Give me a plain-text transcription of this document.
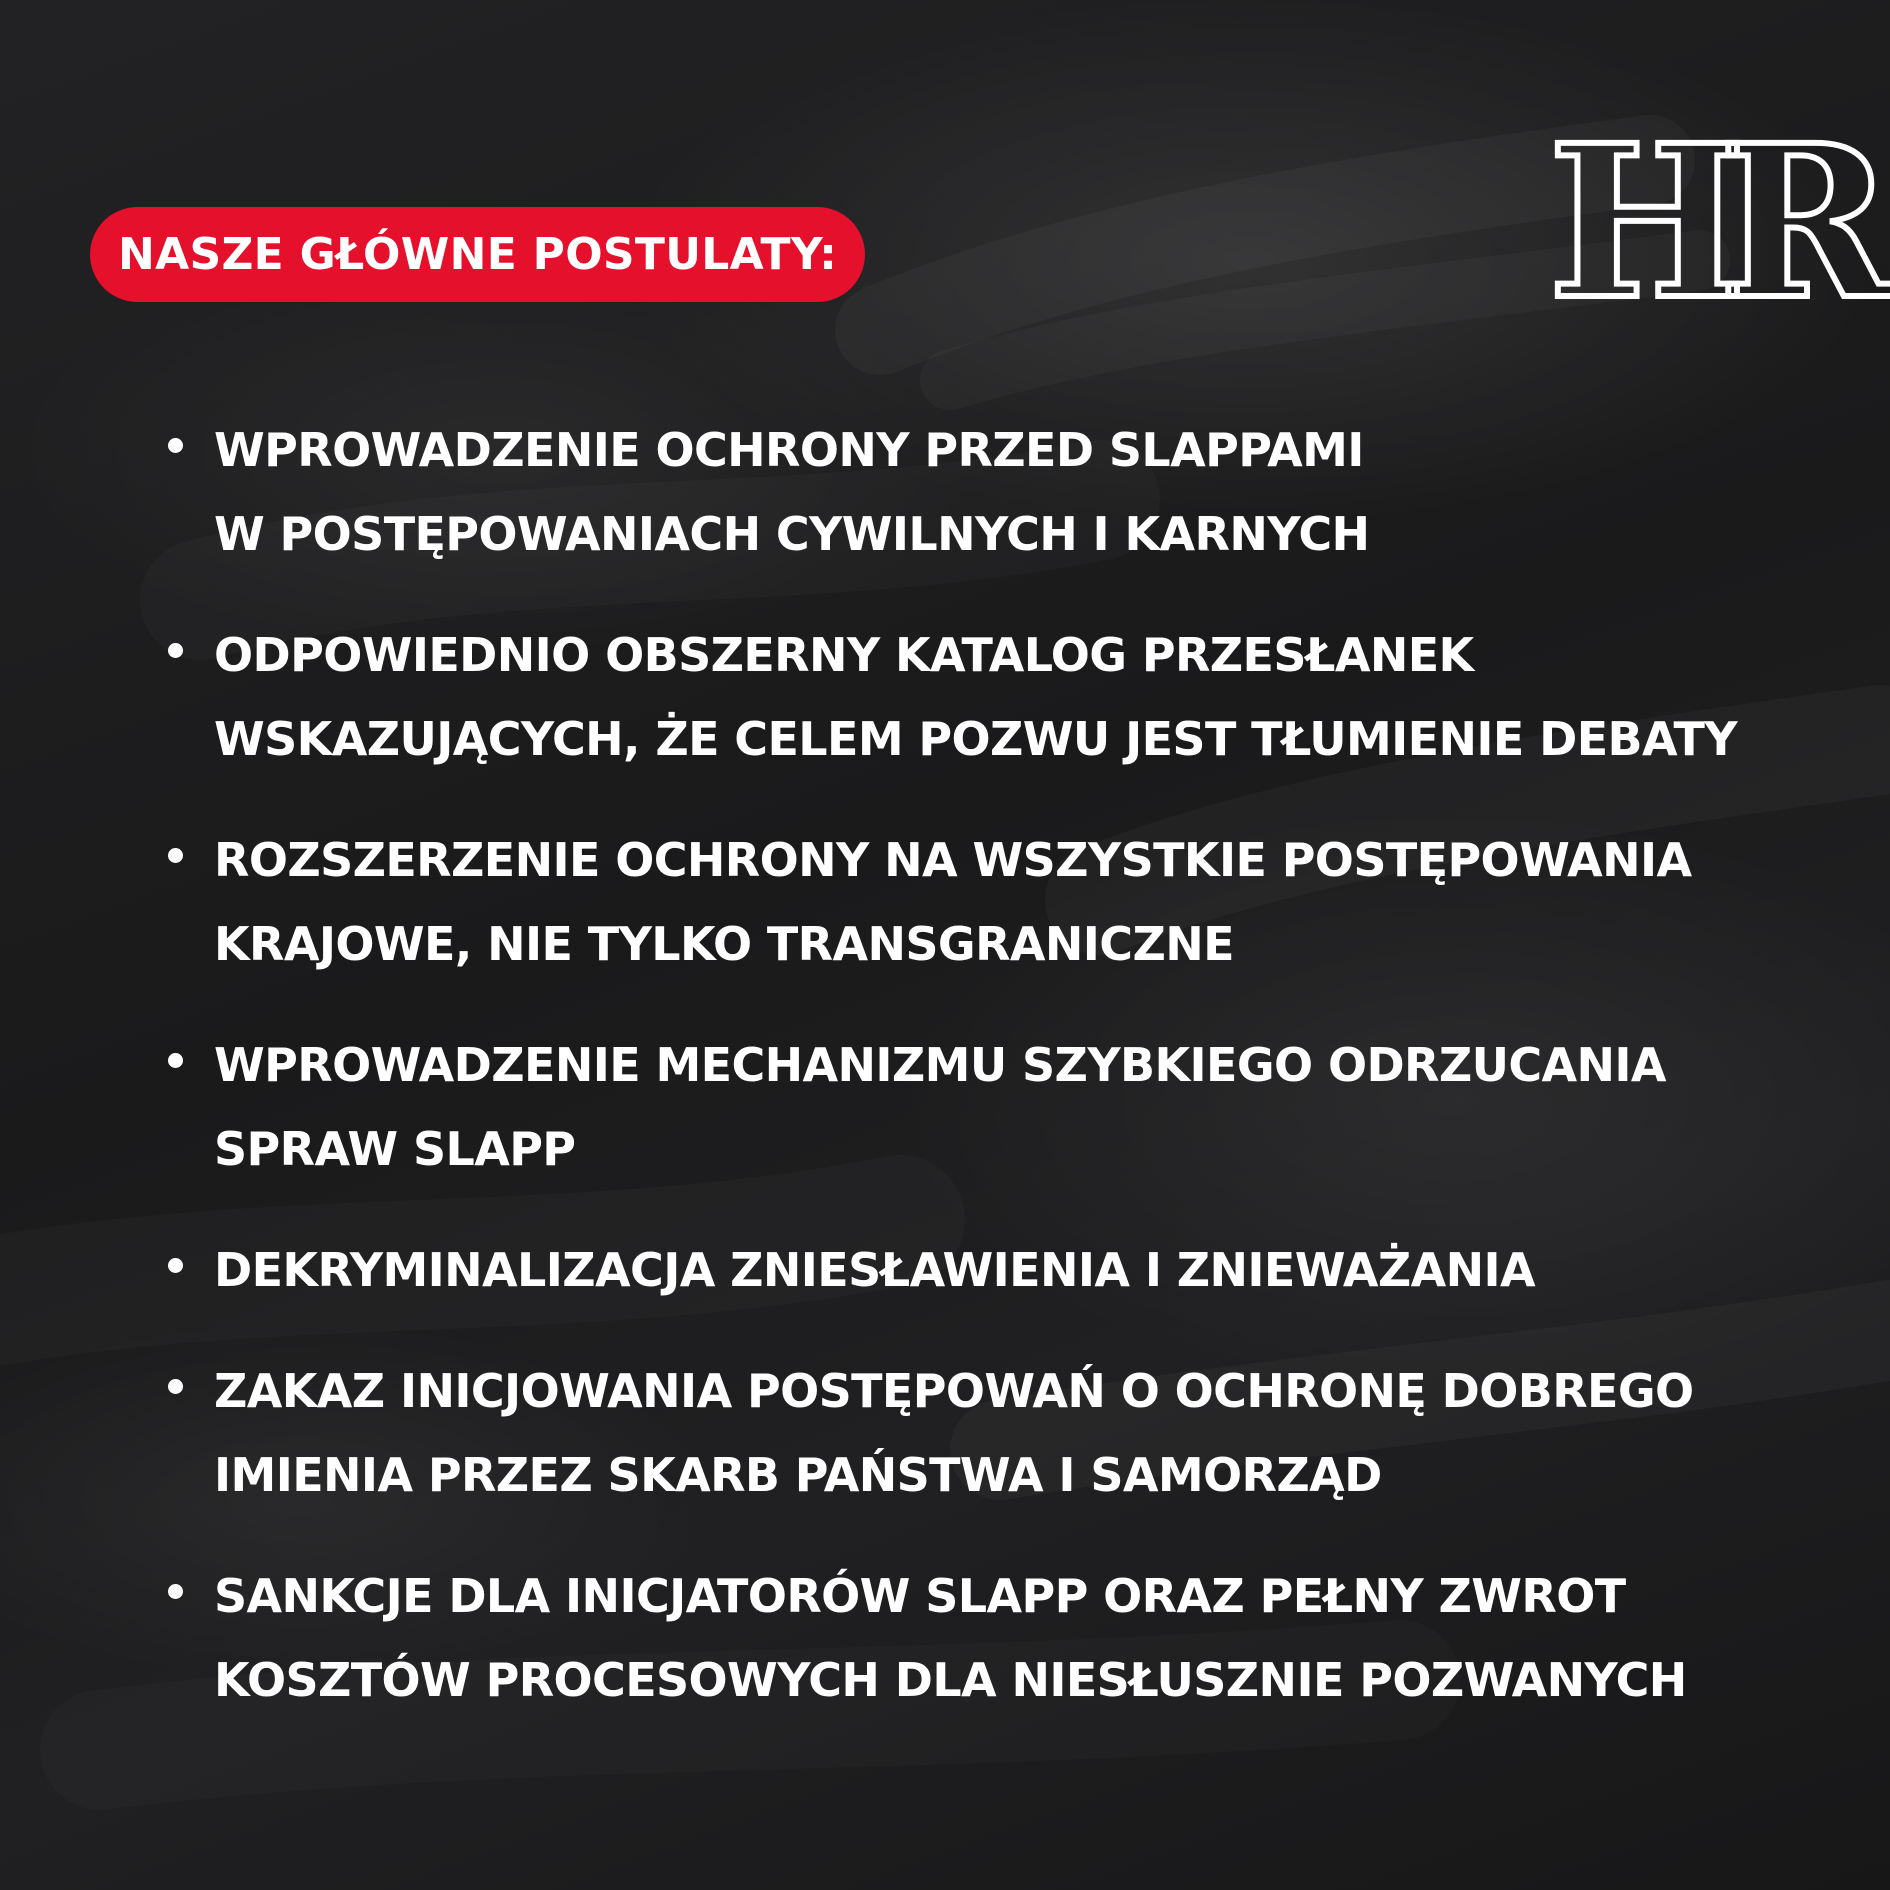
NASZE GŁÓWNE POSTULATY:	HR
WPROWADZENIE OCHRONY PRZED SLAPPAMI
W POSTĘPOWANIACH CYWILNYCH I KARNYCH
ODPOWIEDNIO OBSZERNY KATALOG PRZESŁANEK
WSKAZUJĄCYCH, ŻE CELEM POZWU JEST TŁUMIENIE DEBATY
ROZSZERZENIE OCHRONY NA WSZYSTKIE POSTĘPOWANIA
KRAJOWE, NIE TYLKO TRANSGRANICZNE
WPROWADZENIE MECHANIZMU SZYBKIEGO ODRZUCANIA
SPRAW SLAPP
DEKRYMINALIZACJA ZNIESŁAWIENIA I ZNIEWAŻANIA
ZAKAZ INICJOWANIA POSTĘPOWAŃ O OCHRONĘ DOBREGO
IMIENIA PRZEZ SKARB PAŃSTWA I SAMORZĄD
SANKCJE DLA INICJATORÓW SLAPP ORAZ PEŁNY ZWROT
KOSZTÓW PROCESOWYCH DLA NIESŁUSZNIE POZWANYCH
